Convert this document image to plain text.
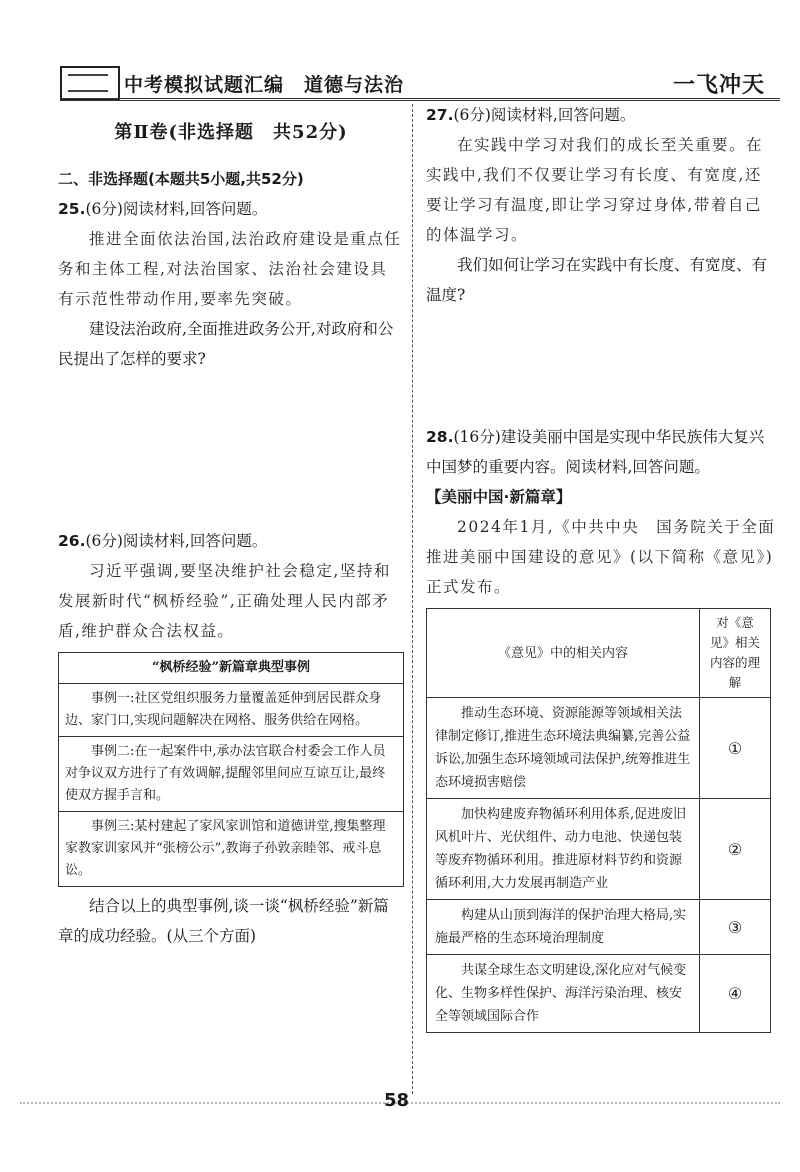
中考模拟试题汇编　道德与法治	一飞冲天
第Ⅱ卷(非选择题　共52分)

二、非选择题(本题共5小题,共52分)

25.(6分)阅读材料,回答问题。

推进全面依法治国,法治政府建设是重点任务和主体工程,对法治国家、法治社会建设具有示范性带动作用,要率先突破。

建设法治政府,全面推进政务公开,对政府和公民提出了怎样的要求?

26.(6分)阅读材料,回答问题。

习近平强调,要坚决维护社会稳定,坚持和发展新时代“枫桥经验”,正确处理人民内部矛盾,维护群众合法权益。

“枫桥经验”新篇章典型事例
事例一:社区党组织服务力量覆盖延伸到居民群众身边、家门口,实现问题解决在网格、服务供给在网格。
事例二:在一起案件中,承办法官联合村委会工作人员对争议双方进行了有效调解,提醒邻里间应互谅互让,最终使双方握手言和。
事例三:某村建起了家风家训馆和道德讲堂,搜集整理家教家训家风并“张榜公示”,教诲子孙敦亲睦邻、戒斗息讼。

结合以上的典型事例,谈一谈“枫桥经验”新篇章的成功经验。(从三个方面)

27.(6分)阅读材料,回答问题。

在实践中学习对我们的成长至关重要。在实践中,我们不仅要让学习有长度、有宽度,还要让学习有温度,即让学习穿过身体,带着自己的体温学习。

我们如何让学习在实践中有长度、有宽度、有温度?

28.(16分)建设美丽中国是实现中华民族伟大复兴中国梦的重要内容。阅读材料,回答问题。

【美丽中国·新篇章】

2024年1月,《中共中央　国务院关于全面推进美丽中国建设的意见》(以下简称《意见》)正式发布。

《意见》中的相关内容	对《意见》相关内容的理解
推动生态环境、资源能源等领域相关法律制定修订,推进生态环境法典编纂,完善公益诉讼,加强生态环境领域司法保护,统筹推进生态环境损害赔偿	①
加快构建废弃物循环利用体系,促进废旧风机叶片、光伏组件、动力电池、快递包装等废弃物循环利用。推进原材料节约和资源循环利用,大力发展再制造产业	②
构建从山顶到海洋的保护治理大格局,实施最严格的生态环境治理制度	③
共谋全球生态文明建设,深化应对气候变化、生物多样性保护、海洋污染治理、核安全等领域国际合作	④
58
